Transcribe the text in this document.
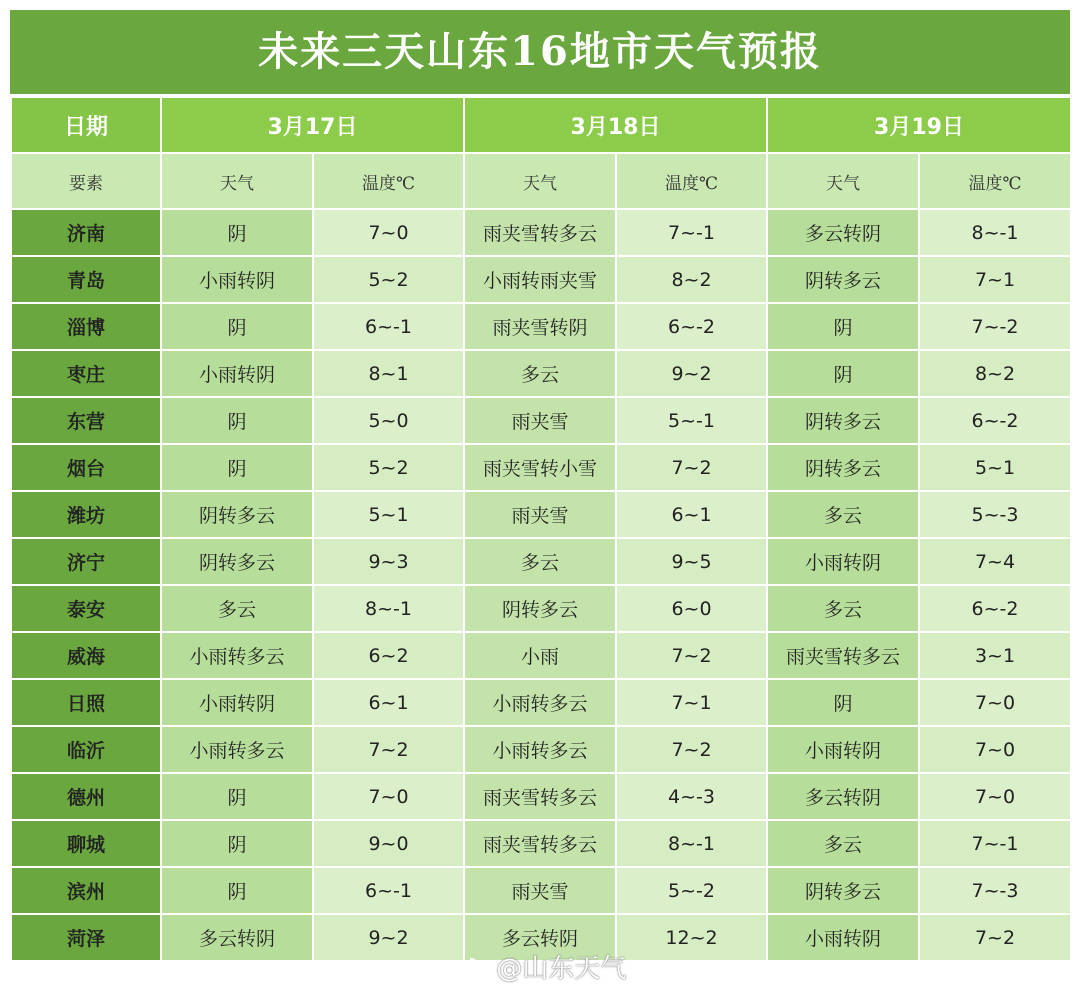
未来三天山东16地市天气预报
日期	3月17日		3月18日		3月19日	
要素	天气	温度℃	天气	温度℃	天气	温度℃
济南	阴	7~0	雨夹雪转多云	7~-1	多云转阴	8~-1
青岛	小雨转阴	5~2	小雨转雨夹雪	8~2	阴转多云	7~1
淄博	阴	6~-1	雨夹雪转阴	6~-2	阴	7~-2
枣庄	小雨转阴	8~1	多云	9~2	阴	8~2
东营	阴	5~0	雨夹雪	5~-1	阴转多云	6~-2
烟台	阴	5~2	雨夹雪转小雪	7~2	阴转多云	5~1
潍坊	阴转多云	5~1	雨夹雪	6~1	多云	5~-3
济宁	阴转多云	9~3	多云	9~5	小雨转阴	7~4
泰安	多云	8~-1	阴转多云	6~0	多云	6~-2
威海	小雨转多云	6~2	小雨	7~2	雨夹雪转多云	3~1
日照	小雨转阴	6~1	小雨转多云	7~1	阴	7~0
临沂	小雨转多云	7~2	小雨转多云	7~2	小雨转阴	7~0
德州	阴	7~0	雨夹雪转多云	4~-3	多云转阴	7~0
聊城	阴	9~0	雨夹雪转多云	8~-1	多云	7~-1
滨州	阴	6~-1	雨夹雪	5~-2	阴转多云	7~-3
菏泽	多云转阴	9~2	多云转阴	12~2	小雨转阴	7~2
@山东天气
